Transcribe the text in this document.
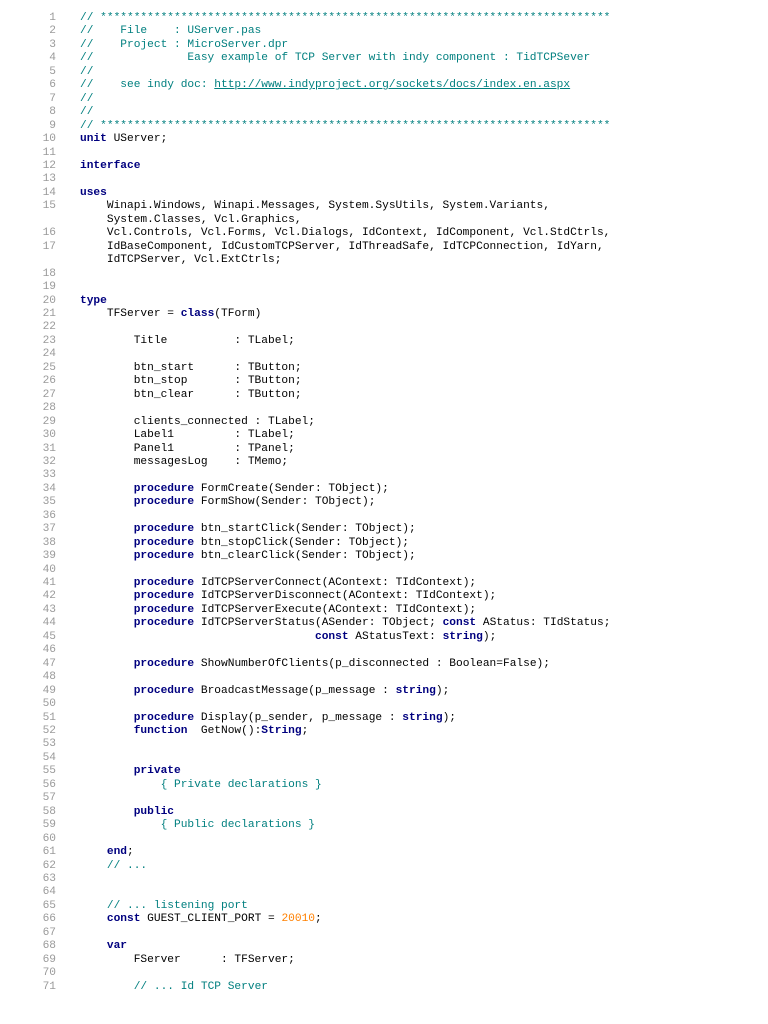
1 // ****************************************************************************
2 //    File    : UServer.pas
3 //    Project : MicroServer.dpr
4 //              Easy example of TCP Server with indy component : TidTCPSever
5 //
6 //    see indy doc: http://www.indyproject.org/sockets/docs/index.en.aspx
7 //
8 //
9 // ****************************************************************************
10 unit UServer;
11
12 interface
13
14 uses
15 Winapi.Windows, Winapi.Messages, System.SysUtils, System.Variants,
System.Classes, Vcl.Graphics,
16 Vcl.Controls, Vcl.Forms, Vcl.Dialogs, IdContext, IdComponent, Vcl.StdCtrls,
17 IdBaseComponent, IdCustomTCPServer, IdThreadSafe, IdTCPConnection, IdYarn,
IdTCPServer, Vcl.ExtCtrls;
18
19
20 type
21 TFServer = class(TForm)
22
23 Title          : TLabel;
24
25 btn_start      : TButton;
26 btn_stop       : TButton;
27 btn_clear      : TButton;
28
29 clients_connected : TLabel;
30 Label1         : TLabel;
31 Panel1         : TPanel;
32 messagesLog    : TMemo;
33
34	procedure FormCreate(Sender: TObject);
35	procedure FormShow(Sender: TObject);
36
37	procedure btn_startClick(Sender: TObject);
38	procedure btn_stopClick(Sender: TObject);
39	procedure btn_clearClick(Sender: TObject);
40
41	procedure IdTCPServerConnect(AContext: TIdContext);
42	procedure IdTCPServerDisconnect(AContext: TIdContext);
43	procedure IdTCPServerExecute(AContext: TIdContext);
44	procedure IdTCPServerStatus(ASender: TObject; const AStatus: TIdStatus;
45	const AStatusText: string);
46
47	procedure ShowNumberOfClients(p_disconnected : Boolean=False);
48
49	procedure BroadcastMessage(p_message : string);
50
51	procedure Display(p_sender, p_message : string);
52	function  GetNow():String;
53
54
55	private
56	{ Private declarations }
57
58	public
59	{ Public declarations }
60
61	end;
62	// ...
63
64
65	// ... listening port
66	const GUEST_CLIENT_PORT = 20010;
67
68	var
69 FServer      : TFServer;
70
71	// ... Id TCP Server
